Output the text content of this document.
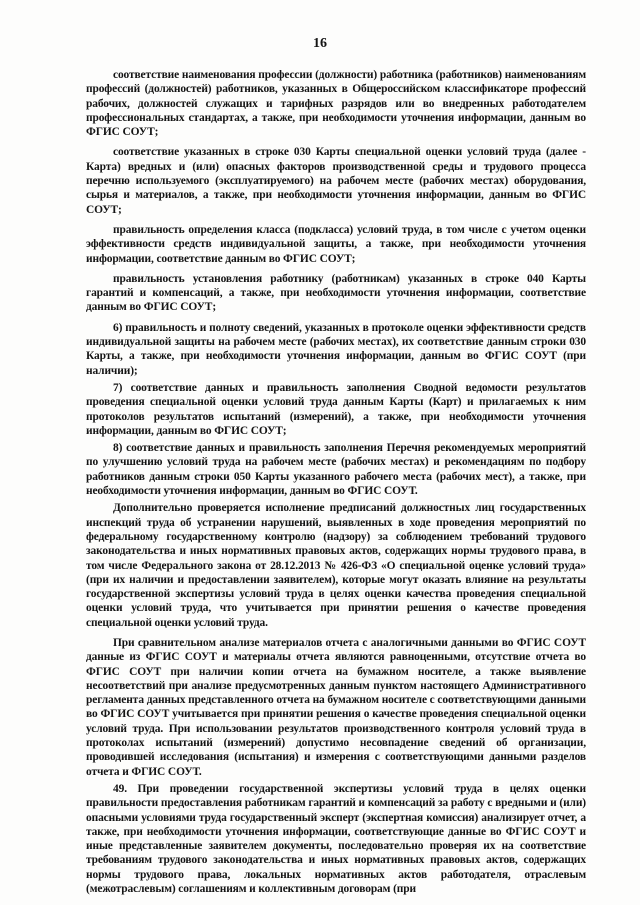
16

соответствие наименования профессии (должности) работника (работников) наименованиям профессий (должностей) работников, указанных в Общероссийском классификаторе профессий рабочих, должностей служащих и тарифных разрядов или во внедренных работодателем профессиональных стандартах, а также, при необходимости уточнения информации, данным во ФГИС СОУТ;

соответствие указанных в строке 030 Карты специальной оценки условий труда (далее - Карта) вредных и (или) опасных факторов производственной среды и трудового процесса перечню используемого (эксплуатируемого) на рабочем месте (рабочих местах) оборудования, сырья и материалов, а также, при необходимости уточнения информации, данным во ФГИС СОУТ;

правильность определения класса (подкласса) условий труда, в том числе с учетом оценки эффективности средств индивидуальной защиты, а также, при необходимости уточнения информации, соответствие данным во ФГИС СОУТ;

правильность установления работнику (работникам) указанных в строке 040 Карты гарантий и компенсаций, а также, при необходимости уточнения информации, соответствие данным во ФГИС СОУТ;

6) правильность и полноту сведений, указанных в протоколе оценки эффективности средств индивидуальной защиты на рабочем месте (рабочих местах), их соответствие данным строки 030 Карты, а также, при необходимости уточнения информации, данным во ФГИС СОУТ (при наличии);

7) соответствие данных и правильность заполнения Сводной ведомости результатов проведения специальной оценки условий труда данным Карты (Карт) и прилагаемых к ним протоколов результатов испытаний (измерений), а также, при необходимости уточнения информации, данным во ФГИС СОУТ;

8) соответствие данных и правильность заполнения Перечня рекомендуемых мероприятий по улучшению условий труда на рабочем месте (рабочих местах) и рекомендациям по подбору работников данным строки 050 Карты указанного рабочего места (рабочих мест), а также, при необходимости уточнения информации, данным во ФГИС СОУТ.

Дополнительно проверяется исполнение предписаний должностных лиц государственных инспекций труда об устранении нарушений, выявленных в ходе проведения мероприятий по федеральному государственному контролю (надзору) за соблюдением требований трудового законодательства и иных нормативных правовых актов, содержащих нормы трудового права, в том числе Федерального закона от 28.12.2013 № 426-ФЗ «О специальной оценке условий труда» (при их наличии и предоставлении заявителем), которые могут оказать влияние на результаты государственной экспертизы условий труда в целях оценки качества проведения специальной оценки условий труда, что учитывается при принятии решения о качестве проведения специальной оценки условий труда.

При сравнительном анализе материалов отчета с аналогичными данными во ФГИС СОУТ данные из ФГИС СОУТ и материалы отчета являются равноценными, отсутствие отчета во ФГИС СОУТ при наличии копии отчета на бумажном носителе, а также выявление несоответствий при анализе предусмотренных данным пунктом настоящего Административного регламента данных представленного отчета на бумажном носителе с соответствующими данными во ФГИС СОУТ учитывается при принятии решения о качестве проведения специальной оценки условий труда. При использовании результатов производственного контроля условий труда в протоколах испытаний (измерений) допустимо несовпадение сведений об организации, проводившей исследования (испытания) и измерения с соответствующими данными разделов отчета и ФГИС СОУТ.

49. При проведении государственной экспертизы условий труда в целях оценки правильности предоставления работникам гарантий и компенсаций за работу с вредными и (или) опасными условиями труда государственный эксперт (экспертная комиссия) анализирует отчет, а также, при необходимости уточнения информации, соответствующие данные во ФГИС СОУТ и иные представленные заявителем документы, последовательно проверяя их на соответствие требованиям трудового законодательства и иных нормативных правовых актов, содержащих нормы трудового права, локальных нормативных актов работодателя, отраслевым (межотраслевым) соглашениям и коллективным договорам (при
